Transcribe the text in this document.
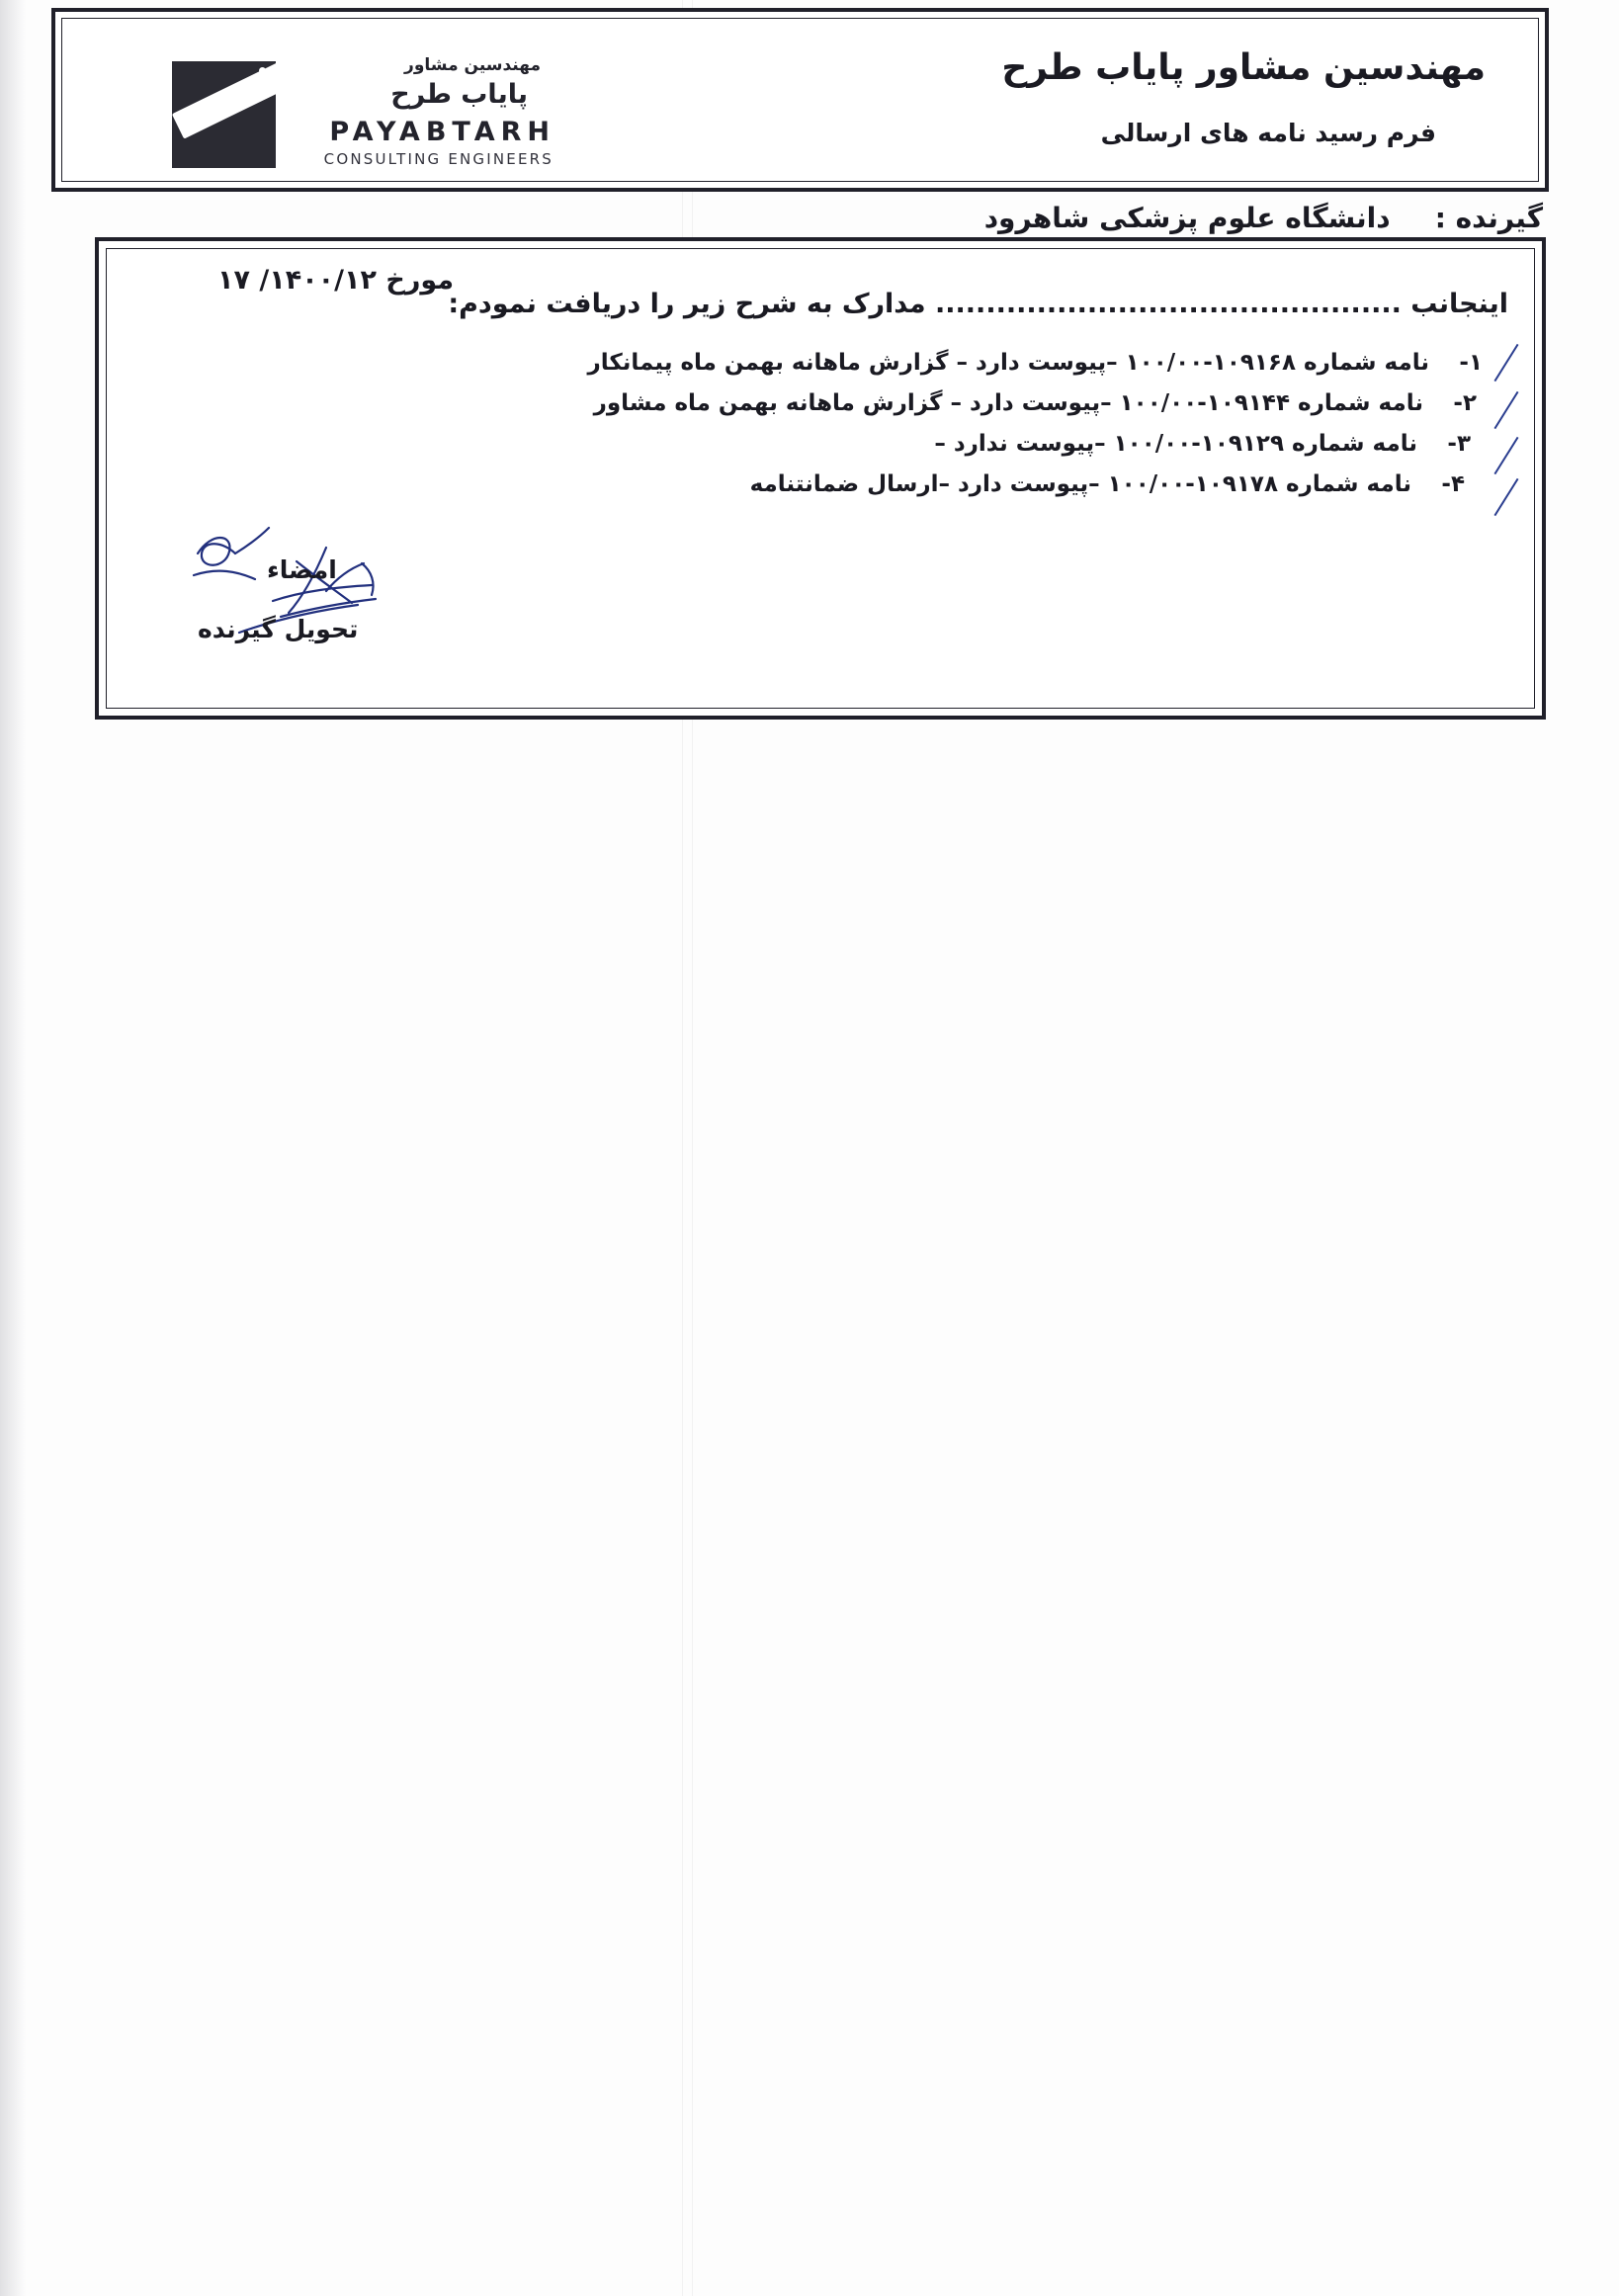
مهندسین مشاور پایاب طرح
فرم رسید نامه های ارسالی
مهندسین مشاور
پایاب طرح
PAYABTARH
CONSULTING ENGINEERS
گیرنده : دانشگاه علوم پزشکی شاهرود
مورخ ۱۴۰۰/۱۲/ ۱۷
اینجانب .............................................. مدارک به شرح زیر را دریافت نمودم:
۱- نامه شماره ۱۰۹۱۶۸-۱۰۰/۰۰ –پیوست دارد – گزارش ماهانه بهمن ماه پیمانکار
۲- نامه شماره ۱۰۹۱۴۴-۱۰۰/۰۰ –پیوست دارد – گزارش ماهانه بهمن ماه مشاور
۳- نامه شماره ۱۰۹۱۲۹-۱۰۰/۰۰ –پیوست ندارد –
۴- نامه شماره ۱۰۹۱۷۸-۱۰۰/۰۰ –پیوست دارد –ارسال ضمانتنامه
امضاء
تحویل گیرنده
